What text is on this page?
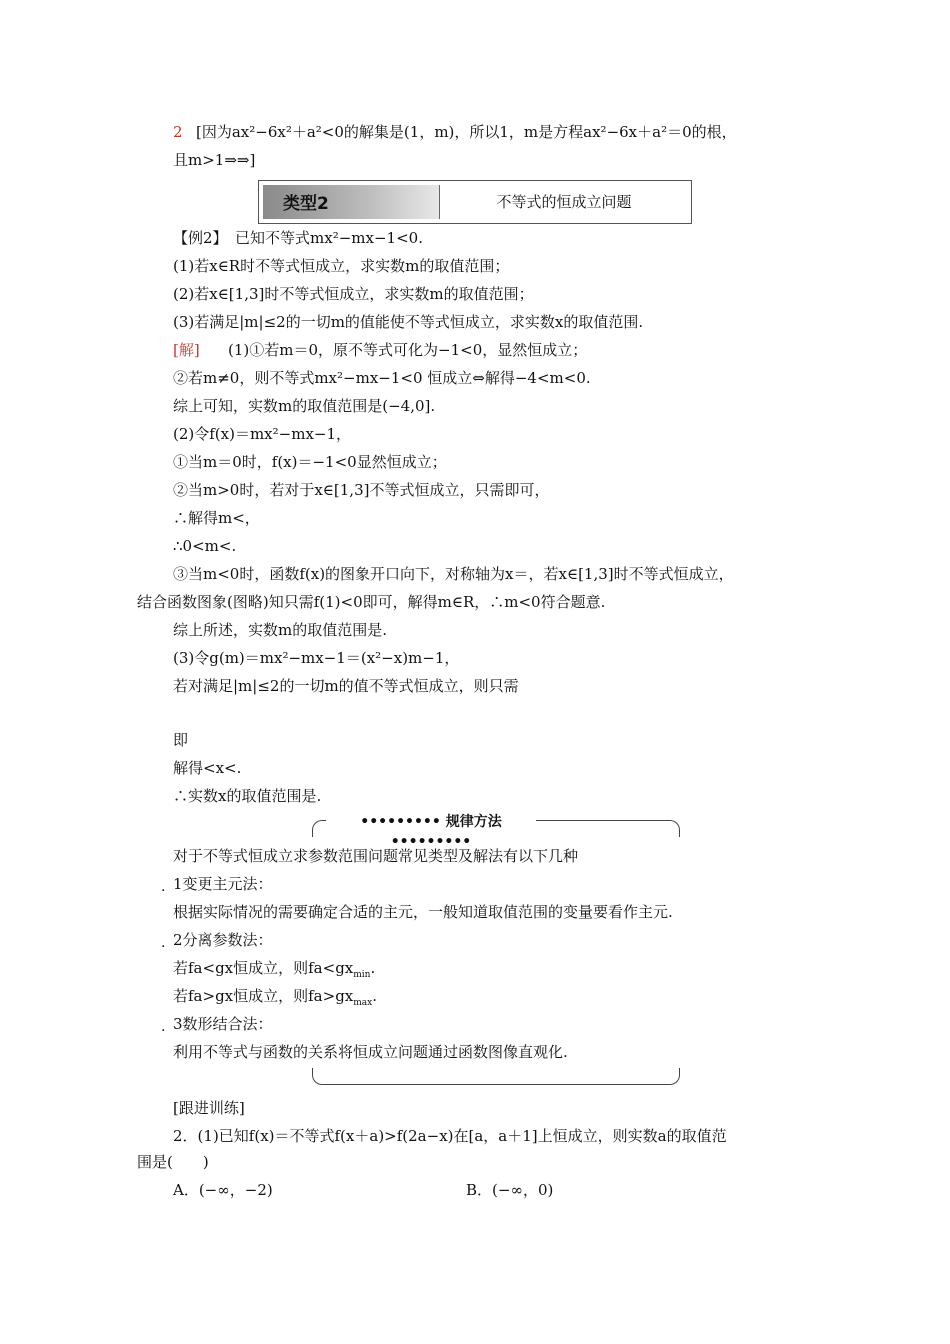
2 [因为ax²−6x²＋a²<0的解集是(1，m)，所以1，m是方程ax²−6x＋a²＝0的根，
且m>1⇒⇒]
类型2	不等式的恒成立问题
【例2】　已知不等式mx²−mx−1<0.
(1)若x∈R时不等式恒成立，求实数m的取值范围；
(2)若x∈[1,3]时不等式恒成立，求实数m的取值范围；
(3)若满足|m|≤2的一切m的值能使不等式恒成立，求实数x的取值范围.
[解] (1)①若m＝0，原不等式可化为−1<0，显然恒成立；
②若m≠0，则不等式mx²−mx−1<0 恒成立⇔解得−4<m<0.
综上可知，实数m的取值范围是(−4,0].
(2)令f(x)＝mx²−mx−1，
①当m＝0时，f(x)＝−1<0显然恒成立；
②当m>0时，若对于x∈[1,3]不等式恒成立，只需即可，
∴解得m<，
∴0<m<.
③当m<0时，函数f(x)的图象开口向下，对称轴为x＝，若x∈[1,3]时不等式恒成立，
结合函数图象(图略)知只需f(1)<0即可，解得m∈R，∴m<0符合题意.
综上所述，实数m的取值范围是.
(3)令g(m)＝mx²−mx−1＝(x²−x)m−1，
若对满足|m|≤2的一切m的值不等式恒成立，则只需
即
解得<x<.
∴实数x的取值范围是.
••••••••• 规律方法 •••••••••
对于不等式恒成立求参数范围问题常见类型及解法有以下几种
. 1变更主元法：
根据实际情况的需要确定合适的主元，一般知道取值范围的变量要看作主元.
. 2分离参数法：
若fa<gx恒成立，则$fa<gx_{min}$.
若fa>gx恒成立，则$fa>gx_{max}$.
. 3数形结合法：
利用不等式与函数的关系将恒成立问题通过函数图像直观化.
[跟进训练]
2．(1)已知f(x)＝不等式f(x＋a)>f(2a−x)在[a，a＋1]上恒成立，则实数a的取值范
围是(　　)
A．(−∞，−2)	B．(−∞，0)
